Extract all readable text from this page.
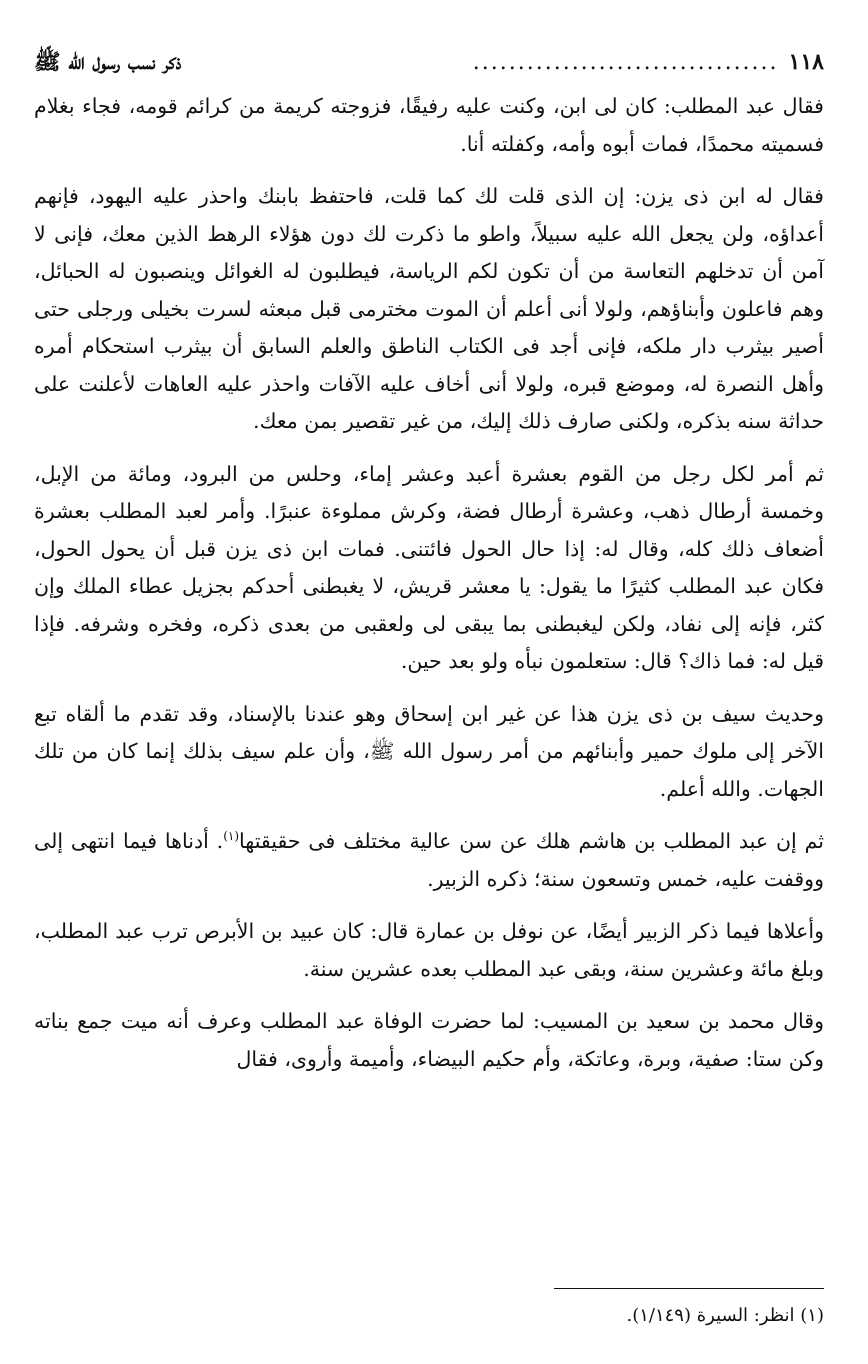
١١٨
..................................
ذكر نسب رسول الله ﷺ

فقال عبد المطلب: كان لى ابن، وكنت عليه رفيقًا، فزوجته كريمة من كرائم قومه، فجاء بغلام فسميته محمدًا، فمات أبوه وأمه، وكفلته أنا.

فقال له ابن ذى يزن: إن الذى قلت لك كما قلت، فاحتفظ بابنك واحذر عليه اليهود، فإنهم أعداؤه، ولن يجعل الله عليه سبيلاً، واطو ما ذكرت لك دون هؤلاء الرهط الذين معك، فإنى لا آمن أن تدخلهم التعاسة من أن تكون لكم الرياسة، فيطلبون له الغوائل وينصبون له الحبائل، وهم فاعلون وأبناؤهم، ولولا أنى أعلم أن الموت مخترمى قبل مبعثه لسرت بخيلى ورجلى حتى أصير بيثرب دار ملكه، فإنى أجد فى الكتاب الناطق والعلم السابق أن بيثرب استحكام أمره وأهل النصرة له، وموضع قبره، ولولا أنى أخاف عليه الآفات واحذر عليه العاهات لأعلنت على حداثة سنه بذكره، ولكنى صارف ذلك إليك، من غير تقصير بمن معك.

ثم أمر لكل رجل من القوم بعشرة أعبد وعشر إماء، وحلس من البرود، ومائة من الإبل، وخمسة أرطال ذهب، وعشرة أرطال فضة، وكرش مملوءة عنبرًا. وأمر لعبد المطلب بعشرة أضعاف ذلك كله، وقال له: إذا حال الحول فائتنى. فمات ابن ذى يزن قبل أن يحول الحول، فكان عبد المطلب كثيرًا ما يقول: يا معشر قريش، لا يغبطنى أحدكم بجزيل عطاء الملك وإن كثر، فإنه إلى نفاد، ولكن ليغبطنى بما يبقى لى ولعقبى من بعدى ذكره، وفخره وشرفه. فإذا قيل له: فما ذاك؟ قال: ستعلمون نبأه ولو بعد حين.

وحديث سيف بن ذى يزن هذا عن غير ابن إسحاق وهو عندنا بالإسناد، وقد تقدم ما ألقاه تبع الآخر إلى ملوك حمير وأبنائهم من أمر رسول الله ﷺ، وأن علم سيف بذلك إنما كان من تلك الجهات. والله أعلم.

ثم إن عبد المطلب بن هاشم هلك عن سن عالية مختلف فى حقيقتها$^{(١)}$. أدناها فيما انتهى إلى ووقفت عليه، خمس وتسعون سنة؛ ذكره الزبير.

وأعلاها فيما ذكر الزبير أيضًا، عن نوفل بن عمارة قال: كان عبيد بن الأبرص ترب عبد المطلب، وبلغ مائة وعشرين سنة، وبقى عبد المطلب بعده عشرين سنة.

وقال محمد بن سعيد بن المسيب: لما حضرت الوفاة عبد المطلب وعرف أنه ميت جمع بناته وكن ستا: صفية، وبرة، وعاتكة، وأم حكيم البيضاء، وأميمة وأروى، فقال

(١) انظر: السيرة (١/١٤٩).
